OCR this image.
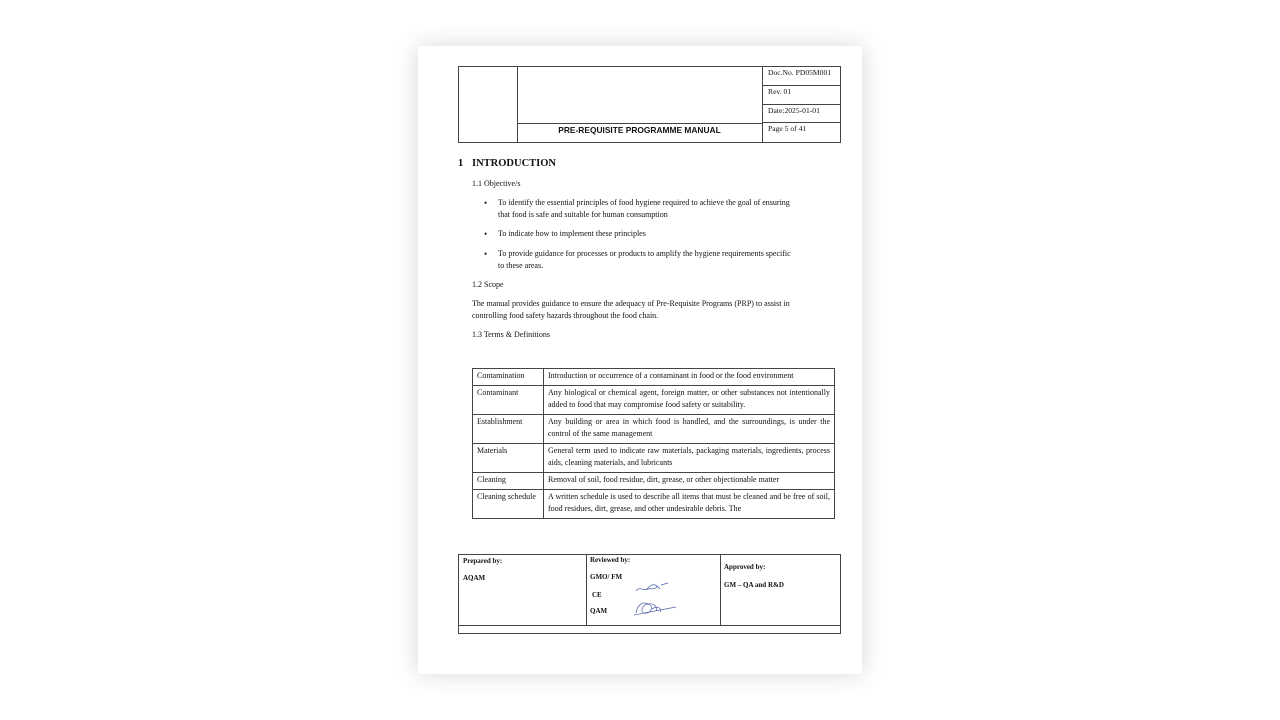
PRE-REQUISITE PROGRAMME MANUAL
Doc.No. PD05M001
Rev. 01
Date:2025-01-01
Page 5 of 41
1 INTRODUCTION
1.1 Objective/s
• To identify the essential principles of food hygiene required to achieve the goal of ensuring
that food is safe and suitable for human consumption
• To indicate how to implement these principles
• To provide guidance for processes or products to amplify the hygiene requirements specific
to these areas.
1.2 Scope
The manual provides guidance to ensure the adequacy of Pre-Requisite Programs (PRP) to assist in
controlling food safety hazards throughout the food chain.
1.3 Terms & Definitions
Contamination	Introduction or occurrence of a contaminant in food or the food environment
Contaminant	Any biological or chemical agent, foreign matter, or other substances not intentionally added to food that may compromise food safety or suitability.
Establishment	Any building or area in which food is handled, and the surroundings, is under the control of the same management
Materials	General term used to indicate raw materials, packaging materials, ingredients, process aids, cleaning materials, and lubricants
Cleaning	Removal of soil, food residue, dirt, grease, or other objectionable matter
Cleaning schedule	A written schedule is used to describe all items that must be cleaned and be free of soil, food residues, dirt, grease, and other undesirable debris. The
Prepared by:
AQAM
Reviewed by:
GMO/ FM
CE
QAM
Approved by:
GM – QA and R&D
